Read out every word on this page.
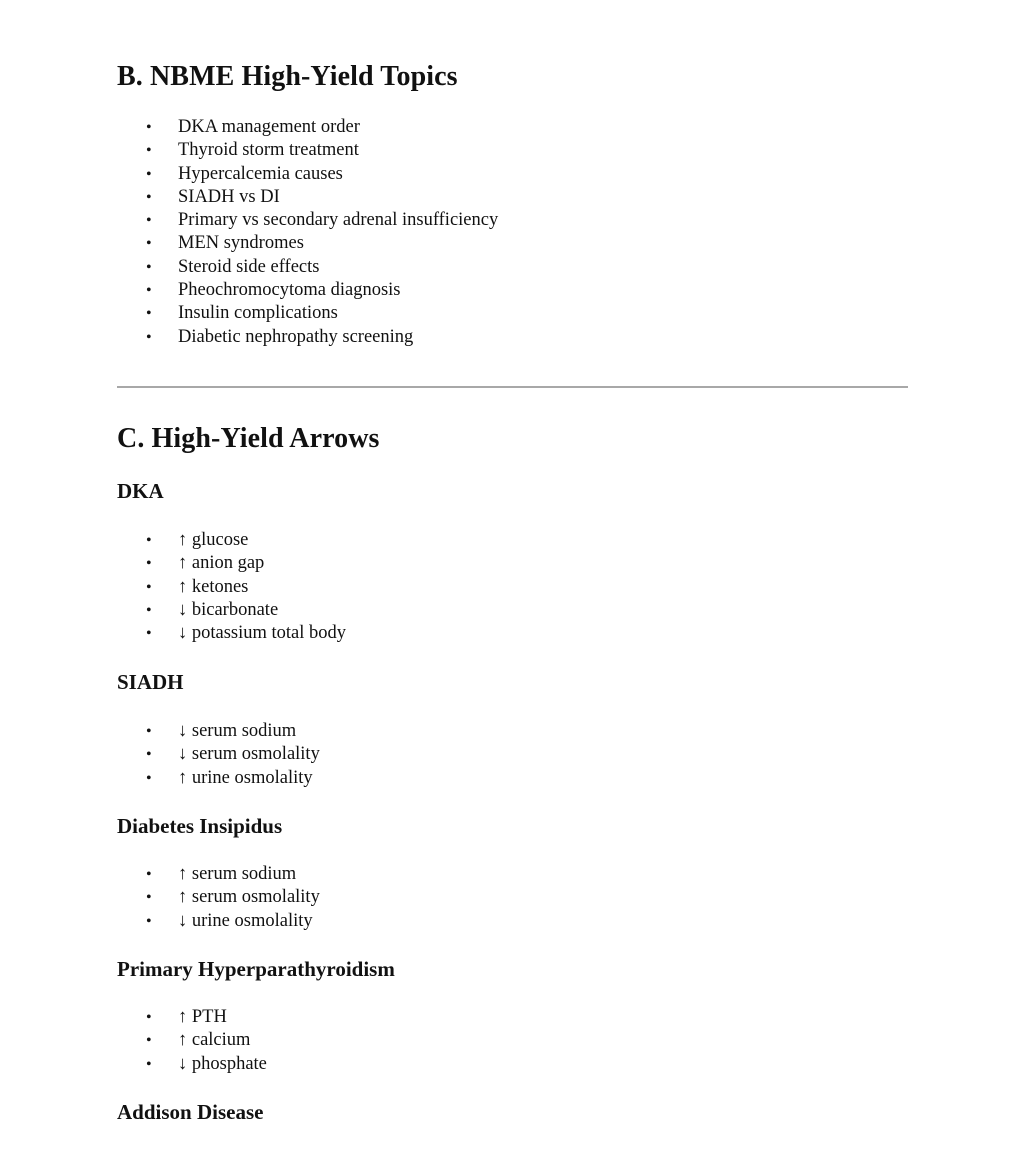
B. NBME High-Yield Topics
• DKA management order
• Thyroid storm treatment
• Hypercalcemia causes
• SIADH vs DI
• Primary vs secondary adrenal insufficiency
• MEN syndromes
• Steroid side effects
• Pheochromocytoma diagnosis
• Insulin complications
• Diabetic nephropathy screening
C. High-Yield Arrows
DKA
• ↑ glucose
• ↑ anion gap
• ↑ ketones
• ↓ bicarbonate
• ↓ potassium total body
SIADH
• ↓ serum sodium
• ↓ serum osmolality
• ↑ urine osmolality
Diabetes Insipidus
• ↑ serum sodium
• ↑ serum osmolality
• ↓ urine osmolality
Primary Hyperparathyroidism
• ↑ PTH
• ↑ calcium
• ↓ phosphate
Addison Disease
